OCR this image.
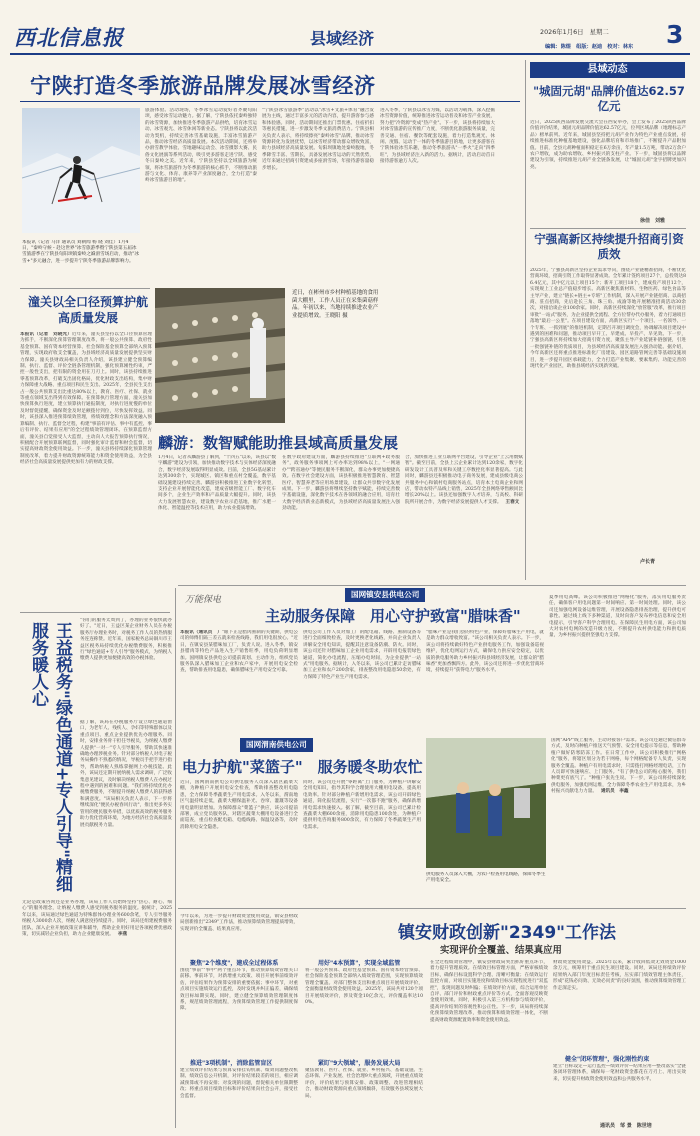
西北信息报	县域经济	2026年1月6日 星期二 3
编辑：陈煜　组版：赵迪　校对：林东
宁陕打造冬季旅游品牌发展冰雪经济
本报讯（记者 马洋 通讯员 刘朝闻 杨 晓 刘佳）1月4日，"秦岭守候・赴这世界"冰雪旅游季暨宁陕县第五届冰雪旅游季在宁陕县旬阳坝镇秦岭之巅滑雪场启动，推动"冰雪+"多元融合，进一步提升宁陕冬季旅游品牌影响力。
旅游体验。活动现场，冬季冰雪运动爱好者齐聚旬阳坝，感受冰雪运动魅力。据了解，宁陕县依托秦岭独特的冰雪资源，加快推进冬季旅游产品供给，培育冰雪运动、冰雪观光、冰雪休闲等新业态。宁陕县将以此次活动为契机，持续完善冰雪基础设施，丰富冰雪旅游产品，推动冰雪经济高质量发展。本次活动期间，还将举办滑雪教学体验、雪地趣味运动会、冰雪摄影大赛、民俗文化展演等系列活动，吸引更多游客走进宁陕、感受冬日秦岭之美。近年来，宁陕县坚持以全域旅游为统领，将冰雪旅游作为冬季旅游的核心抓手，不断推动旅游与文化、体育、康养等产业深度融合，全力打造"秦岭冰雪旅游目的地"。
"宁陕县冰雪旅游季"活动以"冰雪+文旅+体育"融合发展为主线，通过丰富多元的活动内容，提升游客参与感和体验感。同时，活动期间还推出门票优惠、住宿折扣等惠民措施，进一步激发冬季文旅消费活力。宁陕县相关负责人表示，将持续擦亮"秦岭冰雪"品牌，推动冰雪资源转化为发展优势，以冰雪经济带动群众增收致富，助力县域经济高质量发展。旬阳坝镇地处秦岭腹地，冬季降雪丰富、雪期长，具备发展冰雪运动的天然优势，近年来通过招商引资建成多座滑雪场，年接待游客量稳步增长。
进入冬季，宁陕县以冰雪为媒，以活动为载体，深入挖掘冰雪资源价值，统筹推进冰雪运动普及和冰雪产业发展，努力把"冷资源"变成"热产业"。下一步，该县将持续加大对冰雪旅游的宣传推广力度，不断优化旅游服务质量，完善交通、住宿、餐饮等配套设施，着力打造集观光、休闲、度假、运动于一体的冬季旅游目的地，让更多游客在宁陕体验冰雪乐趣，推动冬季旅游从"一季火"走向"四季旺"，为县域经济注入新的活力。据统计，活动启动首日接待游客逾万人次。
县域动态
"城固元胡"品牌价值达62.57亿元
近日，2025陕西品牌发展交流大会在西安举办，会上发布了2025陕西品牌价值评价结果，城固元胡品牌价值达62.57亿元，位列区域品牌（地理标志产品）榜单前列。近年来，城固县坚持把元胡产业作为特色产业重点发展，持续推进标准化种植基地建设，强化品牌培育和市场推广，不断提升产品附加值。目前，全县元胡种植面积稳定在6万余亩，年产量1.5万吨，带动2万余户农户增收，成为助农增收、乡村振兴的支柱产业。下一步，城固县将以品牌建设为引领，持续推进元胡产业全链条发展，让"城固元胡"金字招牌更加闪亮。
徐佳　刘雅
宁强高新区持续提升招商引资质效
2025年，宁强县高新区坚持企业需求导向，围绕产业链精准招商，不断优化营商环境，招商引资工作取得显著成效。全年累计签约项目27个，总投资达86.4亿元，其中亿元以上项目15个；新开工项目18个，建成投产项目12个，实现规上工业总产值稳步增长。高新区聚焦新材料、生物医药、绿色食品等主导产业，建立"链长+链主+专班"工作机制，深入开展产业链招商、以商招商、驻点招商，先后赴长三角、珠三角、成渝等地开展精准招商活动30余次，对接洽谈企业100余家。同时，高新区持续深化"放管服"改革，推行项目审批"一站式"服务，为企业提供全流程、全方位帮办代办服务，着力打通项目落地"最后一公里"。在项目建设方面，高新区实行"一个项目、一名领导、一个专班、一抓到底"的推进机制，定期召开项目调度会，协调解决项目建设中遇到的困难和问题，推动项目早开工、早建成、早投产、早见效。下一步，宁强县高新区将持续加大招商引资力度，聚焦主导产业延链补链强链，引进一批强链补链的优质项目，为县域经济高质量发展注入强劲动能。据介绍，今年高新区还将重点推进标准化厂房建设、园区道路管网完善等基础设施项目，进一步提升园区承载能力，全力打造产业集聚、要素集约、功能完善的现代化产业园区，助推县域经济实现新突破。
卢长青
潼关以全口径预算护航高质量发展
本报讯（记者　刘晓光）近年来，潼关县坚持以全口径预算管理为抓手，不断深化预算管理制度改革，将一般公共预算、政府性基金预算、国有资本经营预算、社会保险基金预算全部纳入预算管理，实现政府收支全覆盖，为县域经济高质量发展提供坚实财力保障。潼关县财政局相关负责人介绍，该县建立健全预算编制、执行、监督、评价全链条管理机制，强化预算刚性约束，严控一般性支出，把有限的资金用在刀刃上。同时，该县持续推进零基预算改革，打破支出固化格局，优化财政支出结构，集中财力保障重大战略、重点项目和民生支出。2025年，全县民生支出占一般公共预算支出比重达80%以上，教育、医疗、社保、就业等重点领域支出得到有效保障。在预算执行管理方面，潼关县加快预算执行进度，建立预算执行通报制度，对执行进度慢的单位及时督促提醒，确保资金及时足额拨付到位，尽快发挥效益。同时，该县深入推进预算绩效管理，将绩效理念和方法深度融入预算编制、执行、监督全过程，构建"事前有评估、事中有监控、事后有评价、结果有应用"的全过程绩效管理闭环。在预算监督方面，潼关县自觉接受人大监督，主动向人大报告预算执行情况，积极配合开展预算联网监督，同时强化审计监督和财会监督，切实提高财政资金使用效益。下一步，潼关县将持续深化预算管理制度改革，着力提升财政资源统筹能力和资金使用效益，为全县经济社会高质量发展提供更加有力的财政支撑。
近日，在彬州市乡村种植基地的食用菌大棚里，工作人员正在采集菌菇样品。年初以来，当地持续推进农业产业提质增效。王晓阳 摄
麟游：数智赋能助推县域高质量发展
1月4日，记者从麟游县了解到，"十四五"以来，该县以"数字麟游"建设为引领，加快推动数字技术与实体经济深度融合，数字经济发展取得明显成效。目前，全县5G基站累计达到300余个，实现城区、镇区和重点村全覆盖，数字基础设施建设持续完善。麟游县积极推进工业数字化转型，支持企业开展智能化改造，建成省级智能工厂、数字化车间多个，企业生产效率和产品质量大幅提升。同时，该县大力发展智慧农业，建设数字农业示范基地，推广水肥一体化、智能温控等技术应用，助力农业提质增效。
在数字政府建设方面，麟游县持续推进"互联网+政务服务"，政务服务事项网上可办率达到98%以上，"一网通办""跨省通办"等便民服务不断深化，群众办事更加便捷高效。在数字社会建设方面，该县积极推进智慧教育、智慧医疗、智慧养老等应用场景建设，让群众共享数字化发展成果。下一步，麟游县将继续坚持数字赋能，持续完善数字基础设施，深化数字技术在各领域的融合应用，培育壮大数字经济新业态新模式，为县域经济高质量发展注入强劲动能。
合，加快推进工业互联网平台建设，引导企业"上云用数赋智"。截至目前，全县上云企业累计达到120余家，数字化研发设计工具普及率和关键工序数控化率显著提高。与此同时，麟游县还积极推动电子商务发展，建成县级电商公共服务中心和镇村电商服务站点，培育本土电商企业和网店，带动农特产品线上销售，2025年全县网络零售额同比增长20%以上。该县还加强数字人才培养，与高校、科研院所开展合作，为数字经济发展提供人才支撑。 王春文
王益税务"绿色通道+专人引导"精细服务暖人心
"你们的服务太周到了，办理的业务很快就办好了。"近日，王益区某企业财务人员在办税服务厅办理业务时，对税务工作人员的热情服务连连称赞。近年来，国家税务总局铜川市王益区税务局持续优化办税缴费服务，积极推行"绿色通道+专人引导"服务模式，为纳税人缴费人提供更加便捷高效的办税体验。
据了解，该局在办税服务厅设立绿色通道窗口，为老年人、残疾人、孕妇等特殊群体以及重点项目、重点企业提供优先办理服务。同时，安排业务骨干担任导税员，为纳税人缴费人提供"一对一"专人引导服务，帮助其快速准确地办理涉税业务。针对部分纳税人对电子税务局操作不熟悉的情况，导税员手把手进行指导，帮助纳税人熟练掌握网上办税技能。此外，该局还定期开展纳税人需求调研，广泛收集意见建议，及时解决纳税人缴费人在办税过程中遇到的困难和问题。"我们将持续优化办税缴费服务，不断提升纳税人缴费人的获得感和满意度。"该局相关负责人表示，下一步将继续深化"便民办税春风行动"，推出更多务实管用的便民服务举措，以优质高效的税务服务助力优化营商环境，为地方经济社会高质量发展贡献税务力量。
无论是政策咨询还是业务办理，该局工作人员始终坚持"热心、耐心、细心"的服务理念，让纳税人缴费人感受到税务服务的温度。据统计，2025年以来，该局通过绿色通道为特殊群体办理业务600余笔，专人引导服务纳税人3000余人次，纳税人满意度持续提升。同时，该局还组建税费服务团队，深入企业开展政策宣讲和辅导，帮助企业用好用足各项税费优惠政策，切实减轻企业负担，助力企业健康发展。 李燕
万能保电
国网镇安县供电公司
主动服务保障　用心守护致富"腊味香"
本报讯（通讯员　）"眼下正是腊肉熏制的关键期，供电公司的师傅们隔三差五就来检查线路，我们用电很放心。"近日，在镇安县某腊味加工厂，负责人说。进入冬季，镇安县腊肉等特色产品进入生产销售旺季，用电负荷明显增加。国网镇安县供电公司提前谋划、主动作为，组织党员服务队深入腊味加工企业和农户家中，开展用电安全检查，帮助排查用电隐患，确保腊味生产用电安全可靠。
供电公司工作人员对加工厂的配电箱、线路、熏制设备等进行全面细致检查，及时更换老化线路，并向企业负责人讲解安全用电知识，提醒其注意设备防潮、防火。同时，该公司还针对腊味加工企业用电需求，开辟用电报装绿色通道，简化办电流程，压缩办电时间，为企业提供"一站式"用电服务。据统计，入冬以来，该公司已累计走访腊味加工企业和农户200余家，排查整改用电隐患50余处，有力保障了特色产业生产用电需求。
"腊味产业是我们县的特色产业，保障好腊味生产用电，就是助力群众增收致富。"该公司相关负责人表示。下一步，该公司将持续做好特色产业供电服务工作，加强设备巡视维护，优化电网运行方式，确保电力供应安全稳定，以优质的供电服务助力乡村振兴和县域经济发展，让群众的"腊味香"更加香飘四方。此外，该公司还将进一步优化营商环境，持续提升"获得电力"服务水平。
夏季用电高峰。该公司积极推进"网格化"服务，落实用电服务责任，确保客户用电问题第一时间响应、第一时间处理。同时，该公司还加强电网设备运维管理，开展设备隐患排查治理，提升供电可靠性。通过线上线下多种渠道，及时向客户发布停电信息和安全用电提示，引导客户科学合理用电。在保障民生用电方面，该公司加大对农村电网的改造升级力度，不断提升农村供电能力和供电质量，为乡村振兴提供坚强电力支撑。
国网渭南供电公司
电力护航"菜篮子"　服务暖冬助农忙
近日，国网渭南供电公司供电服务人员深入辖区蔬菜大棚，为种植户开展用电安全检查，帮助排查整改用电隐患，全力保障冬季蔬菜生产用电需求。入冬以来，渭南地区气温持续走低，蔬菜大棚保温补光、卷帘、灌溉等设备用电量明显增加。为保障群众"菜篮子"供应，该公司提前部署，成立党员服务队，对辖区蔬菜大棚用电设备进行全面巡查，重点检查配电箱、电缆线路、保温设备等，及时消除用电安全隐患。
同时，该公司还开展"零距离"上门服务，为种植户讲解安全用电知识，指导其科学合理使用大棚用电设备，提高用电效率。针对部分种植户新增用电需求，该公司开辟绿色通道，简化报装流程，实行"一次都不跑"服务，确保新增用电需求快速接入。据了解，截至目前，该公司已累计检查蔬菜大棚600余座，消除用电隐患100余处，为种植户提供用电咨询服务800余次，有力保障了冬季蔬菜生产用电需求。
供电服务人员深入大棚，为农户检查用电线路，保障冬季生产用电安全。
国网"APP"线上服务，主动对接客户需求。该公司还通过微信群等方式，及时向种植户推送天气预警、安全用电提示等信息，帮助种植户做好防寒防冻工作。在日常工作中，该公司积极推行"网格化"服务，将辖区划分为若干网格，每个网格配备专人负责，实现服务全覆盖。种植户有用电需求时，只需拨打网格经理电话，工作人员即可快速响应、上门服务。"有了供电公司的贴心服务，我们种菜更有底气了。"种植户张先生说。下一步，该公司将持续深化供电服务，加强电网运维，全力保障冬季农业生产用电需求，为乡村振兴贡献电力力量。 通讯员　李鑫
今年以来，为进一步提升财政资金使用效益，镇安县财政局创新推出"2349"工作法，推动预算绩效管理提质增效，实现评价全覆盖、结果真应用。	镇安财政创新"2349"工作法
实现评价全覆盖、结果真应用
聚焦"2个维度"，建成全过程体系
围绕"事前""事中"两个重点环节，推动预算绩效管理关口前移。事前环节，对新增重大政策、项目开展事前绩效评估，评估结果作为预算安排的重要依据；事中环节，对重点项目实施绩效运行监控，及时发现并纠正偏差，确保绩效目标如期实现。同时，建立健全预算绩效管理制度体系，规范绩效管理流程，为预算绩效管理工作提供制度保障。
推进"3项机制"，消除监管盲区
建立绩效评价结果与预算安排挂钩机制、绩效问题整改机制、绩效信息公开机制，对评价结果较差的项目，相应调减预算或不再安排；对发现的问题，督促相关单位限期整改；将重点项目绩效目标和评价结果向社会公开，接受社会监督。
用好"4本预算"，实现全域监管
将一般公共预算、政府性基金预算、国有资本经营预算、社会保险基金预算全部纳入绩效管理范围，实现预算绩效管理全覆盖。对部门整体支出和重点项目开展绩效评价，全面衡量财政资金使用效益。2025年，该局共对120个项目开展绩效评价，涉及资金10亿余元，评价覆盖率达100%。
紧盯"9大领域"，服务发展大局
聚焦教育、医疗、社保、就业、乡村振兴、基础设施、生态环保、产业发展、社会治理9大重点领域，开展重点绩效评价，评价结果与预算安排、政策调整、改进管理相结合，推动财政资源向重点领域倾斜，有效服务县域发展大局。
在全过程绩效管理中，镇安县财政局突出抓好重点环节，着力提升管理质效。在绩效目标管理方面，严格审核绩效目标，确保目标设置科学合理、清晰可衡量；在绩效运行监控方面，对项目实施进度和绩效目标实现程度进行"双监控"，发现问题及时纠偏；在绩效评价方面，综合运用单位自评、部门评价和财政重点评价等方式，全面客观反映资金使用效果。同时，积极引入第三方机构参与绩效评价，提高评价结果的客观性和公正性。下一步，该局将持续深化预算绩效管理改革，推动预算和绩效管理一体化，不断提高财政资源配置效率和资金使用效益。
财政资金使用效益。2025年以来，累计收回低效无效资金1000余万元，统筹用于重点民生项目建设。同时，该局还将绩效评价结果纳入部门年度目标责任考核，压实部门绩效管理主体责任，形成"花钱必问效、无效必问责"的良好氛围，推动预算绩效管理工作走深走实。
健全"闭环管理"，强化刚性约束
建立"目标设定—运行监控—绩效评价—结果应用—整改落实"全链条闭环管理体系，确保每一笔财政资金都花在刀刃上、用出实效来，切实提升财政资金使用效益和公共服务水平。
通讯员　邹 景　陈世培
